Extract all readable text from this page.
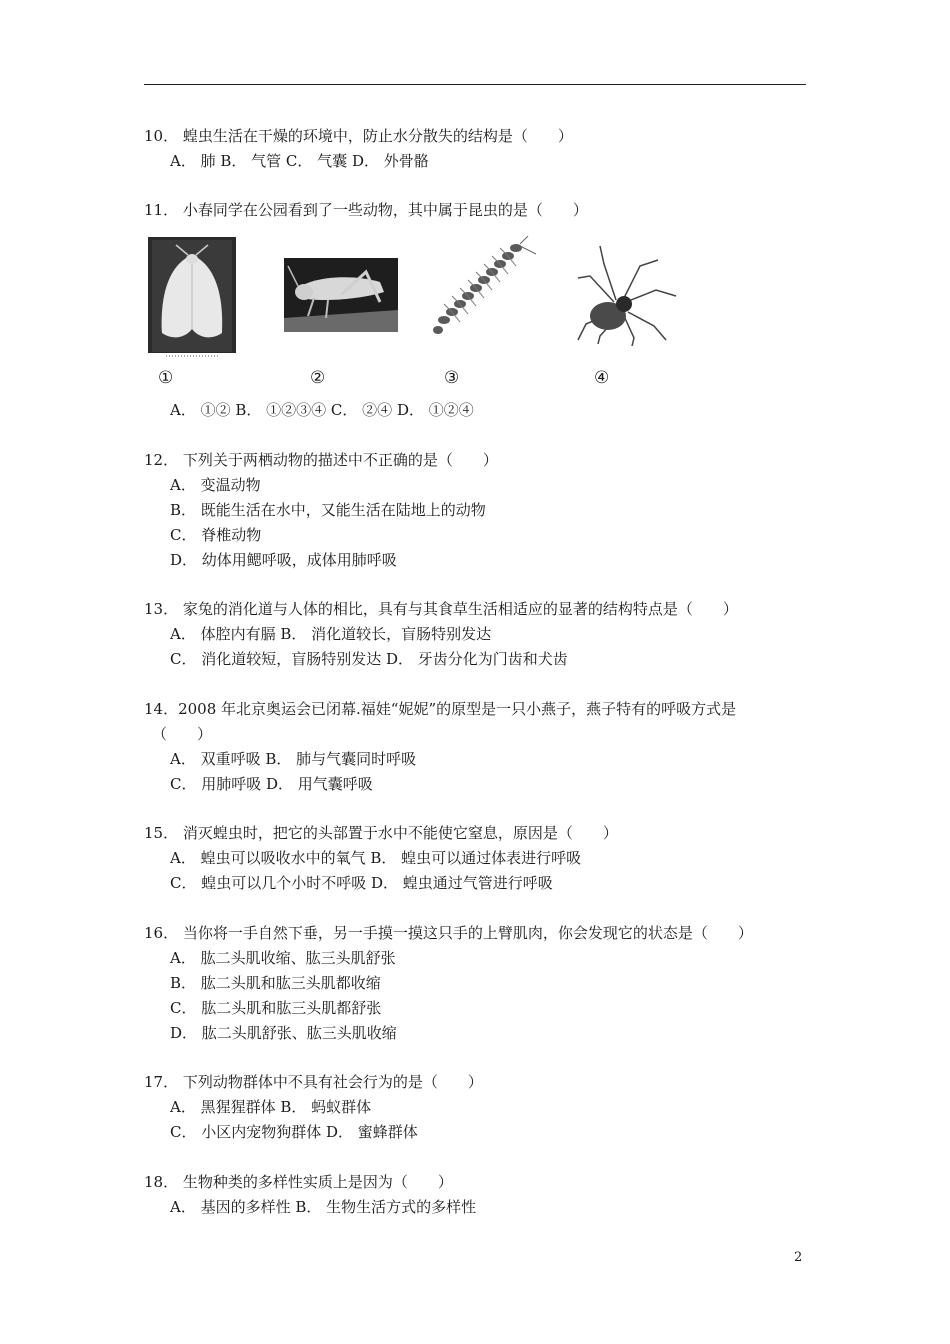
10． 蝗虫生活在干燥的环境中，防止水分散失的结构是（　　）
A． 肺 B． 气管 C． 气囊 D． 外骨骼
11． 小春同学在公园看到了一些动物，其中属于昆虫的是（　　）
①	②	③	④
A． ①② B． ①②③④ C． ②④ D． ①②④
12． 下列关于两栖动物的描述中不正确的是（　　）
A． 变温动物
B． 既能生活在水中，又能生活在陆地上的动物
C． 脊椎动物
D． 幼体用鳃呼吸，成体用肺呼吸
13． 家兔的消化道与人体的相比，具有与其食草生活相适应的显著的结构特点是（　　）
A． 体腔内有膈 B． 消化道较长，盲肠特别发达
C． 消化道较短，盲肠特别发达 D． 牙齿分化为门齿和犬齿
14．2008 年北京奥运会已闭幕.福娃“妮妮”的原型是一只小燕子，燕子特有的呼吸方式是
（　　）
A． 双重呼吸 B． 肺与气囊同时呼吸
C． 用肺呼吸 D． 用气囊呼吸
15． 消灭蝗虫时，把它的头部置于水中不能使它窒息，原因是（　　）
A． 蝗虫可以吸收水中的氧气 B． 蝗虫可以通过体表进行呼吸
C． 蝗虫可以几个小时不呼吸 D． 蝗虫通过气管进行呼吸
16． 当你将一手自然下垂，另一手摸一摸这只手的上臂肌肉，你会发现它的状态是（　　）
A． 肱二头肌收缩、肱三头肌舒张
B． 肱二头肌和肱三头肌都收缩
C． 肱二头肌和肱三头肌都舒张
D． 肱二头肌舒张、肱三头肌收缩
17． 下列动物群体中不具有社会行为的是（　　）
A． 黑猩猩群体 B． 蚂蚁群体
C． 小区内宠物狗群体 D． 蜜蜂群体
18． 生物种类的多样性实质上是因为（　　）
A． 基因的多样性 B． 生物生活方式的多样性
2
